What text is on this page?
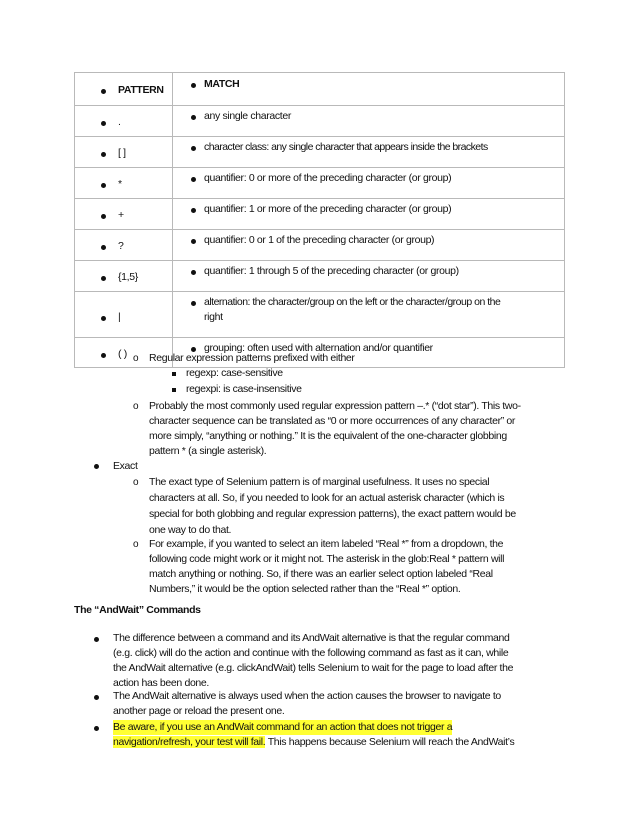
PATTERN	MATCH

.	any single character

[ ]	character class: any single character that appears inside the brackets

*	quantifier: 0 or more of the preceding character (or group)

+	quantifier: 1 or more of the preceding character (or group)

?	quantifier: 0 or 1 of the preceding character (or group)

{1,5}	quantifier: 1 through 5 of the preceding character (or group)

|	alternation: the character/group on the left or the character/group on the
right

( )	grouping: often used with alternation and/or quantifier
o Regular expression patterns prefixed with either
regexp: case-sensitive
regexpi: is case-insensitive
o Probably the most commonly used regular expression pattern –.* (“dot star”). This two-
character sequence can be translated as “0 or more occurrences of any character” or
more simply, “anything or nothing.” It is the equivalent of the one-character globbing
pattern * (a single asterisk).
Exact
o The exact type of Selenium pattern is of marginal usefulness. It uses no special
characters at all. So, if you needed to look for an actual asterisk character (which is
special for both globbing and regular expression patterns), the exact pattern would be
one way to do that.
o For example, if you wanted to select an item labeled “Real *” from a dropdown, the
following code might work or it might not. The asterisk in the glob:Real * pattern will
match anything or nothing. So, if there was an earlier select option labeled “Real
Numbers,” it would be the option selected rather than the “Real *” option.
The “AndWait” Commands
The difference between a command and its AndWait alternative is that the regular command
(e.g. click) will do the action and continue with the following command as fast as it can, while
the AndWait alternative (e.g. clickAndWait) tells Selenium to wait for the page to load after the
action has been done.
The AndWait alternative is always used when the action causes the browser to navigate to
another page or reload the present one.
Be aware, if you use an AndWait command for an action that does not trigger a
navigation/refresh, your test will fail. This happens because Selenium will reach the AndWait’s
